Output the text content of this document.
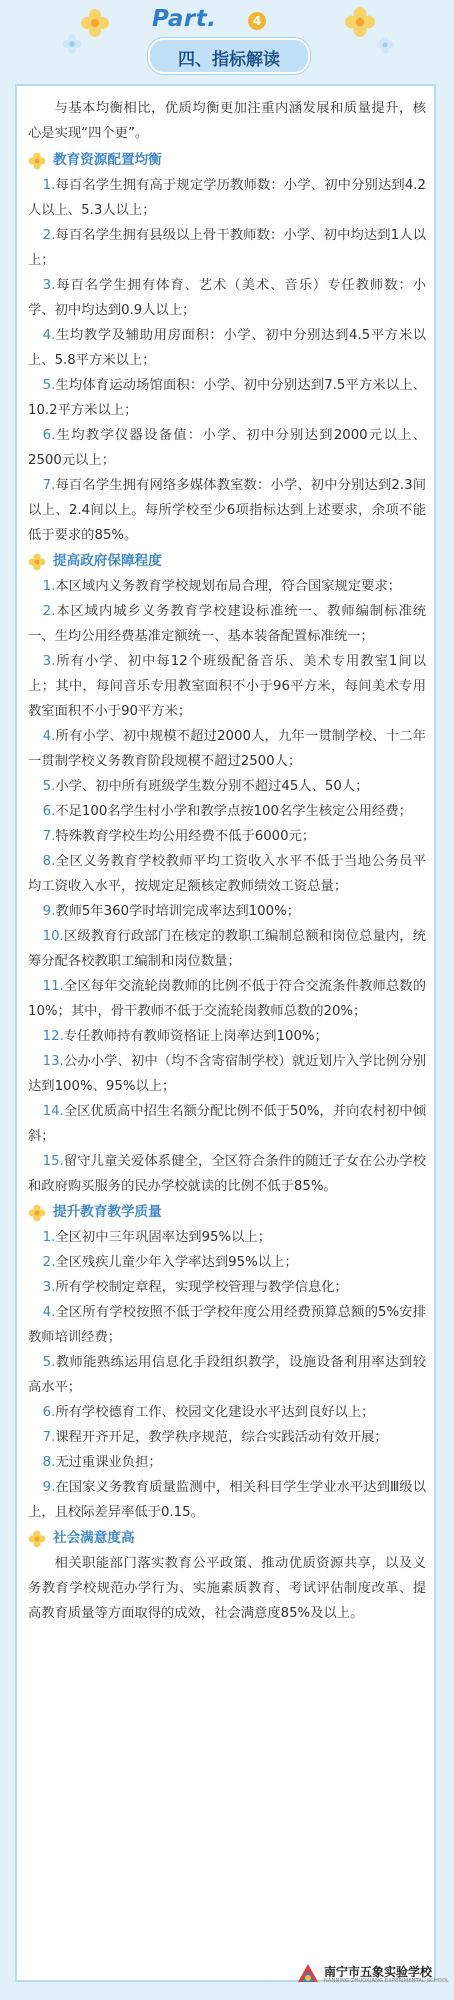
Part.	4
四、指标解读

与基本均衡相比，优质均衡更加注重内涵发展和质量提升，核心是实现“四个更”。

教育资源配置均衡

1.每百名学生拥有高于规定学历教师数：小学、初中分别达到4.2人以上、5.3人以上；

2.每百名学生拥有县级以上骨干教师数：小学、初中均达到1人以上；

3.每百名学生拥有体育、艺术（美术、音乐）专任教师数：小学、初中均达到0.9人以上；

4.生均教学及辅助用房面积：小学、初中分别达到4.5平方米以上、5.8平方米以上；

5.生均体育运动场馆面积：小学、初中分别达到7.5平方米以上、10.2平方米以上；

6.生均教学仪器设备值：小学、初中分别达到2000元以上、2500元以上；

7.每百名学生拥有网络多媒体教室数：小学、初中分别达到2.3间以上、2.4间以上。每所学校至少6项指标达到上述要求，余项不能低于要求的85%。

提高政府保障程度

1.本区域内义务教育学校规划布局合理，符合国家规定要求；

2.本区域内城乡义务教育学校建设标准统一、教师编制标准统一、生均公用经费基准定额统一、基本装备配置标准统一；

3.所有小学、初中每12个班级配备音乐、美术专用教室1间以上；其中，每间音乐专用教室面积不小于96平方米，每间美术专用教室面积不小于90平方米；

4.所有小学、初中规模不超过2000人，九年一贯制学校、十二年一贯制学校义务教育阶段规模不超过2500人；

5.小学、初中所有班级学生数分别不超过45人、50人；

6.不足100名学生村小学和教学点按100名学生核定公用经费；

7.特殊教育学校生均公用经费不低于6000元；

8.全区义务教育学校教师平均工资收入水平不低于当地公务员平均工资收入水平，按规定足额核定教师绩效工资总量；

9.教师5年360学时培训完成率达到100%；

10.区级教育行政部门在核定的教职工编制总额和岗位总量内，统筹分配各校教职工编制和岗位数量；

11.全区每年交流轮岗教师的比例不低于符合交流条件教师总数的10%；其中，骨干教师不低于交流轮岗教师总数的20%；

12.专任教师持有教师资格证上岗率达到100%；

13.公办小学、初中（均不含寄宿制学校）就近划片入学比例分别达到100%、95%以上；

14.全区优质高中招生名额分配比例不低于50%，并向农村初中倾斜；

15.留守儿童关爱体系健全，全区符合条件的随迁子女在公办学校和政府购买服务的民办学校就读的比例不低于85%。

提升教育教学质量

1.全区初中三年巩固率达到95%以上；

2.全区残疾儿童少年入学率达到95%以上；

3.所有学校制定章程，实现学校管理与教学信息化；

4.全区所有学校按照不低于学校年度公用经费预算总额的5%安排教师培训经费；

5.教师能熟练运用信息化手段组织教学，设施设备利用率达到较高水平；

6.所有学校德育工作、校园文化建设水平达到良好以上；

7.课程开齐开足，教学秩序规范，综合实践活动有效开展；

8.无过重课业负担；

9.在国家义务教育质量监测中，相关科目学生学业水平达到Ⅲ级以上，且校际差异率低于0.15。

社会满意度高

相关职能部门落实教育公平政策、推动优质资源共享，以及义务教育学校规范办学行为、实施素质教育、考试评估制度改革、提高教育质量等方面取得的成效，社会满意度85%及以上。

南宁市五象实验学校
NANNING ZHUOXIANG EXPERIMENTAL SCHOOL
